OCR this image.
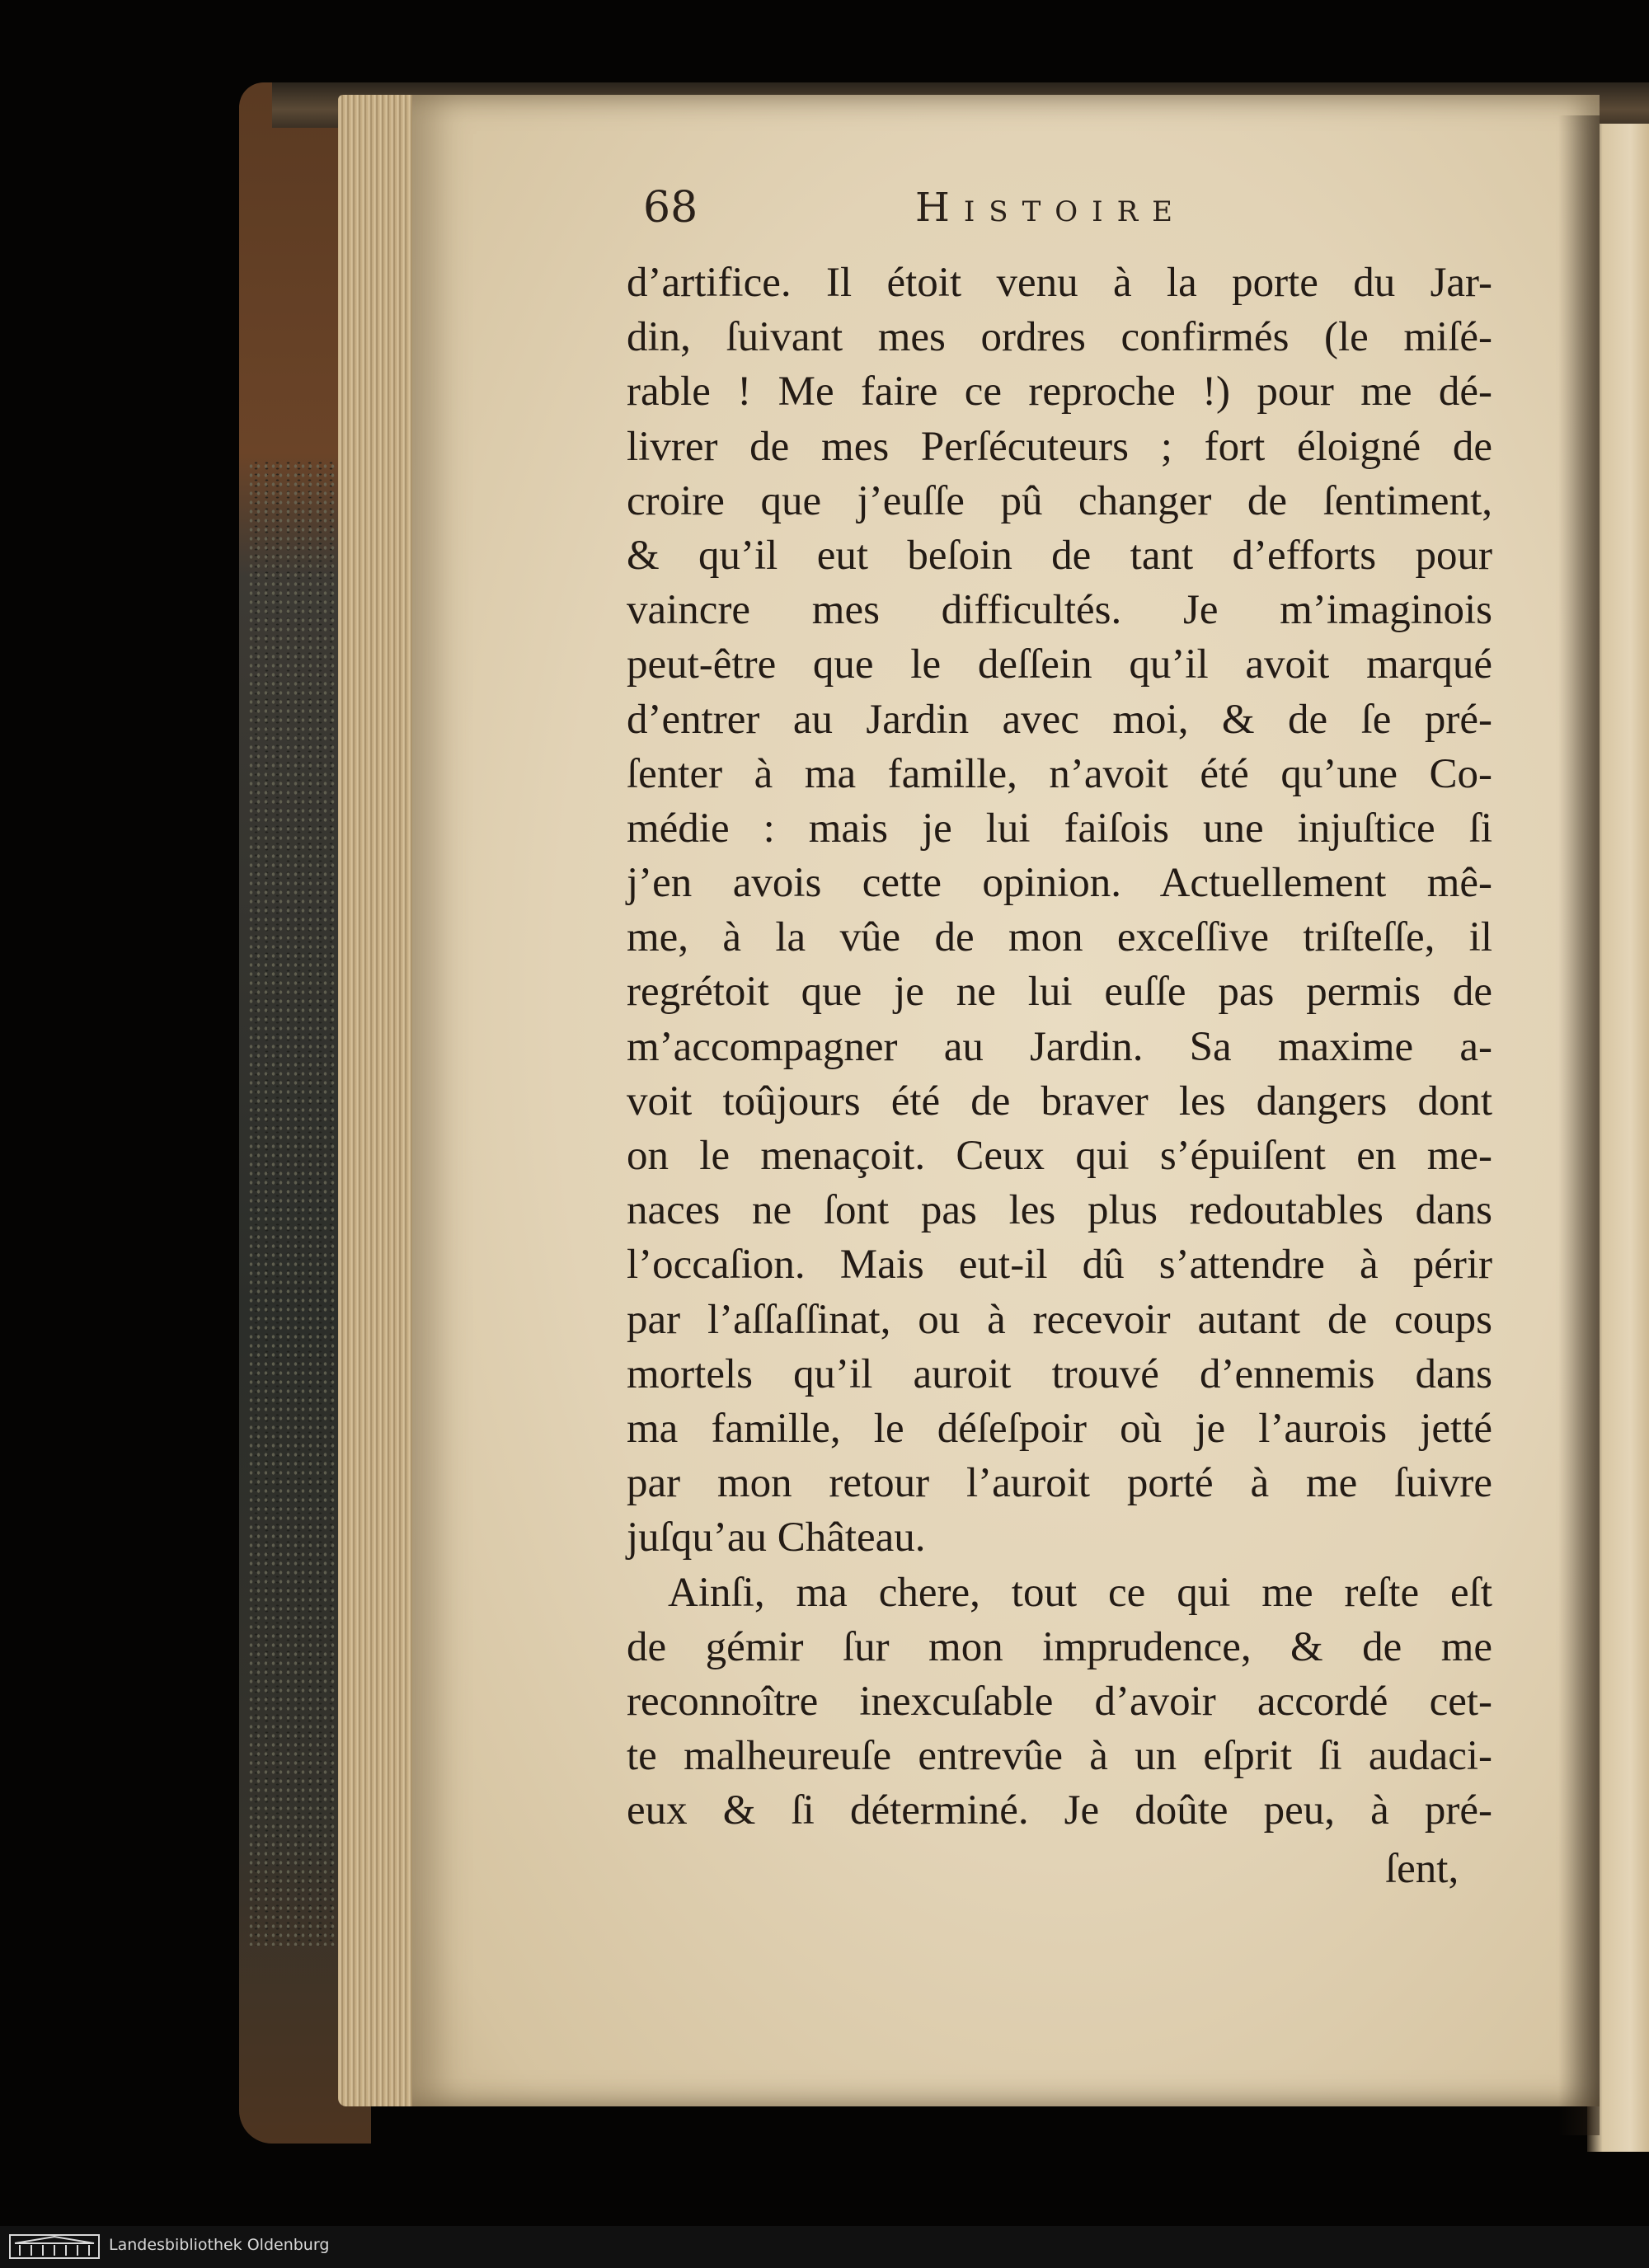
68	Histoire
d’artifice. Il étoit venu à la porte du Jar-
din, ſuivant mes ordres confirmés (le miſé-
rable ! Me faire ce reproche !) pour me dé-
livrer de mes Perſécuteurs ; fort éloigné de
croire que j’euſſe pû changer de ſentiment,
& qu’il eut beſoin de tant d’efforts pour
vaincre mes difficultés. Je m’imaginois
peut-être que le deſſein qu’il avoit marqué
d’entrer au Jardin avec moi, & de ſe pré-
ſenter à ma famille, n’avoit été qu’une Co-
médie : mais je lui faiſois une injuſtice ſi
j’en avois cette opinion. Actuellement mê-
me, à la vûe de mon exceſſive triſteſſe, il
regrétoit que je ne lui euſſe pas permis de
m’accompagner au Jardin. Sa maxime a-
voit toûjours été de braver les dangers dont
on le menaçoit. Ceux qui s’épuiſent en me-
naces ne ſont pas les plus redoutables dans
l’occaſion. Mais eut-il dû s’attendre à périr
par l’aſſaſſinat, ou à recevoir autant de coups
mortels qu’il auroit trouvé d’ennemis dans
ma famille, le déſeſpoir où je l’aurois jetté
par mon retour l’auroit porté à me ſuivre
juſqu’au Château.
Ainſi, ma chere, tout ce qui me reſte eſt
de gémir ſur mon imprudence, & de me
reconnoître inexcuſable d’avoir accordé cet-
te malheureuſe entrevûe à un eſprit ſi audaci-
eux & ſi déterminé. Je doûte peu, à pré-
ſent,
Landesbibliothek Oldenburg
